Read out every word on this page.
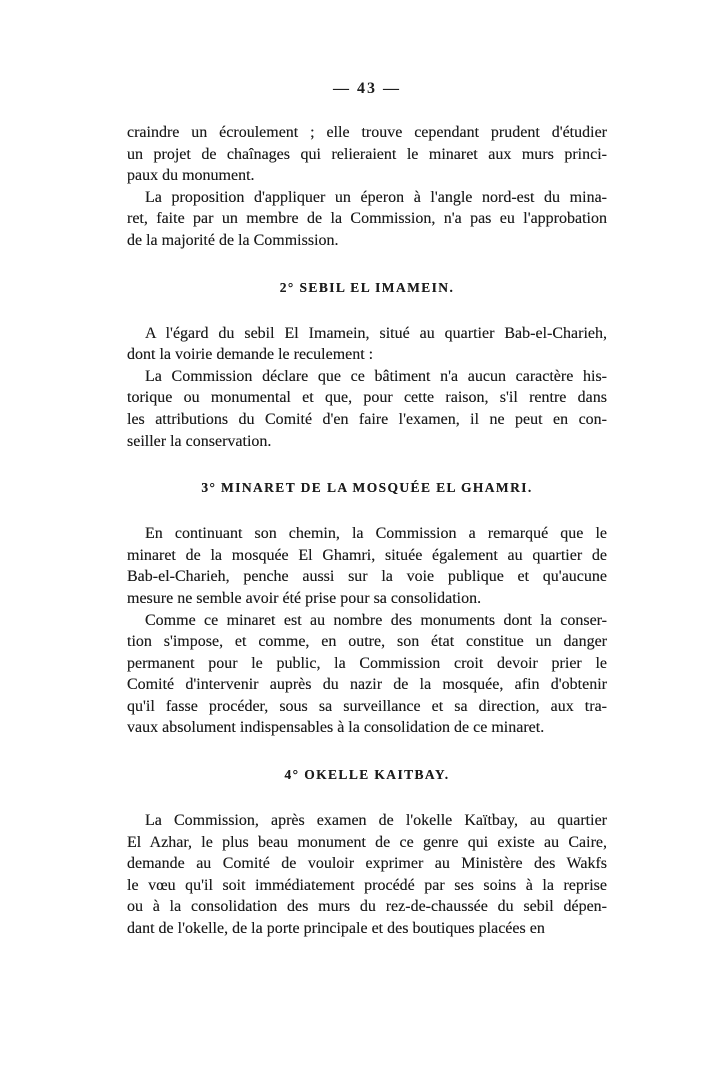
— 43 —
craindre un écroulement ; elle trouve cependant prudent d'étudier
un projet de chaînages qui relieraient le minaret aux murs princi-
paux du monument.
La proposition d'appliquer un éperon à l'angle nord-est du mina-
ret, faite par un membre de la Commission, n'a pas eu l'approbation
de la majorité de la Commission.
2° SEBIL EL IMAMEIN.
A l'égard du sebil El Imamein, situé au quartier Bab-el-Charieh,
dont la voirie demande le reculement :
La Commission déclare que ce bâtiment n'a aucun caractère his-
torique ou monumental et que, pour cette raison, s'il rentre dans
les attributions du Comité d'en faire l'examen, il ne peut en con-
seiller la conservation.
3° MINARET DE LA MOSQUÉE EL GHAMRI.
En continuant son chemin, la Commission a remarqué que le
minaret de la mosquée El Ghamri, située également au quartier de
Bab-el-Charieh, penche aussi sur la voie publique et qu'aucune
mesure ne semble avoir été prise pour sa consolidation.
Comme ce minaret est au nombre des monuments dont la conser-
tion s'impose, et comme, en outre, son état constitue un danger
permanent pour le public, la Commission croit devoir prier le
Comité d'intervenir auprès du nazir de la mosquée, afin d'obtenir
qu'il fasse procéder, sous sa surveillance et sa direction, aux tra-
vaux absolument indispensables à la consolidation de ce minaret.
4° OKELLE KAITBAY.
La Commission, après examen de l'okelle Kaïtbay, au quartier
El Azhar, le plus beau monument de ce genre qui existe au Caire,
demande au Comité de vouloir exprimer au Ministère des Wakfs
le vœu qu'il soit immédiatement procédé par ses soins à la reprise
ou à la consolidation des murs du rez-de-chaussée du sebil dépen-
dant de l'okelle, de la porte principale et des boutiques placées en
